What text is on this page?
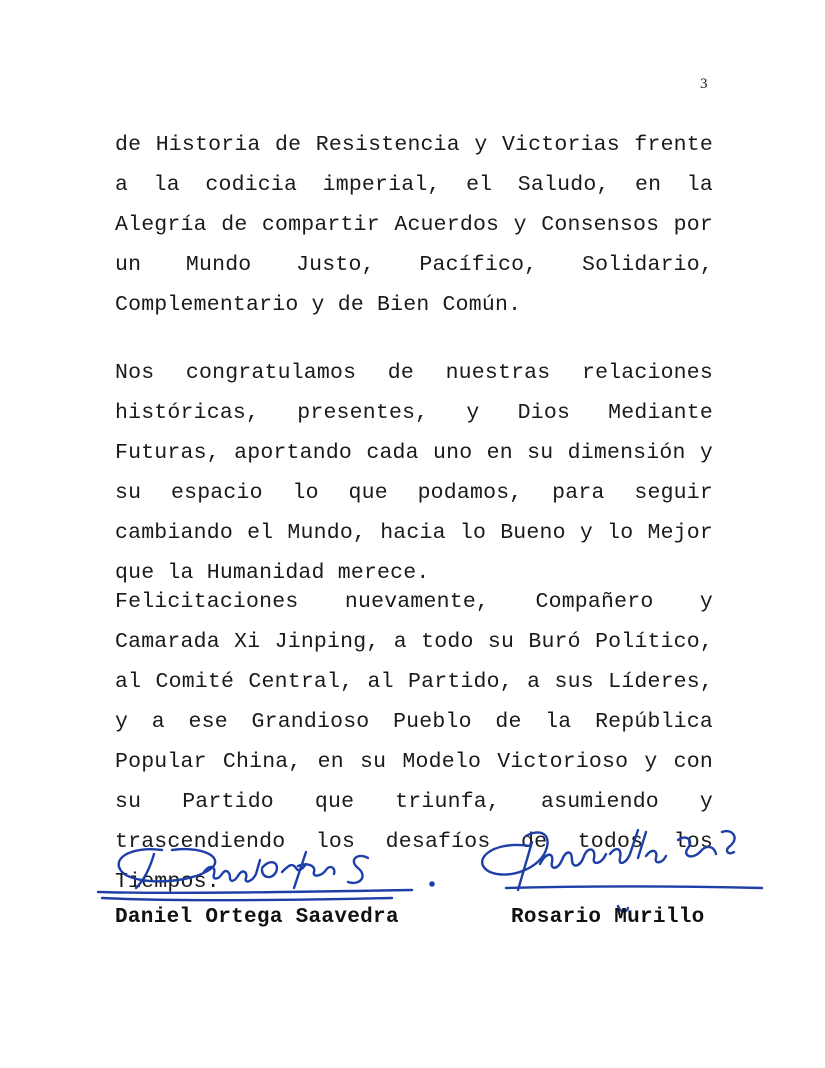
3

de Historia de Resistencia y Victorias frente a la codicia imperial, el Saludo, en la Alegría de compartir Acuerdos y Consensos por un Mundo Justo, Pacífico, Solidario, Complementario y de Bien Común.

Nos congratulamos de nuestras relaciones históricas, presentes, y Dios Mediante Futuras, aportando cada uno en su dimensión y su espacio lo que podamos, para seguir cambiando el Mundo, hacia lo Bueno y lo Mejor que la Humanidad merece.

Felicitaciones nuevamente, Compañero y Camarada Xi Jinping, a todo su Buró Político, al Comité Central, al Partido, a sus Líderes, y a ese Grandioso Pueblo de la República Popular China, en su Modelo Victorioso y con su Partido que triunfa, asumiendo y trascendiendo los desafíos de todos los Tiempos.

Daniel Ortega Saavedra	Rosario Murillo
